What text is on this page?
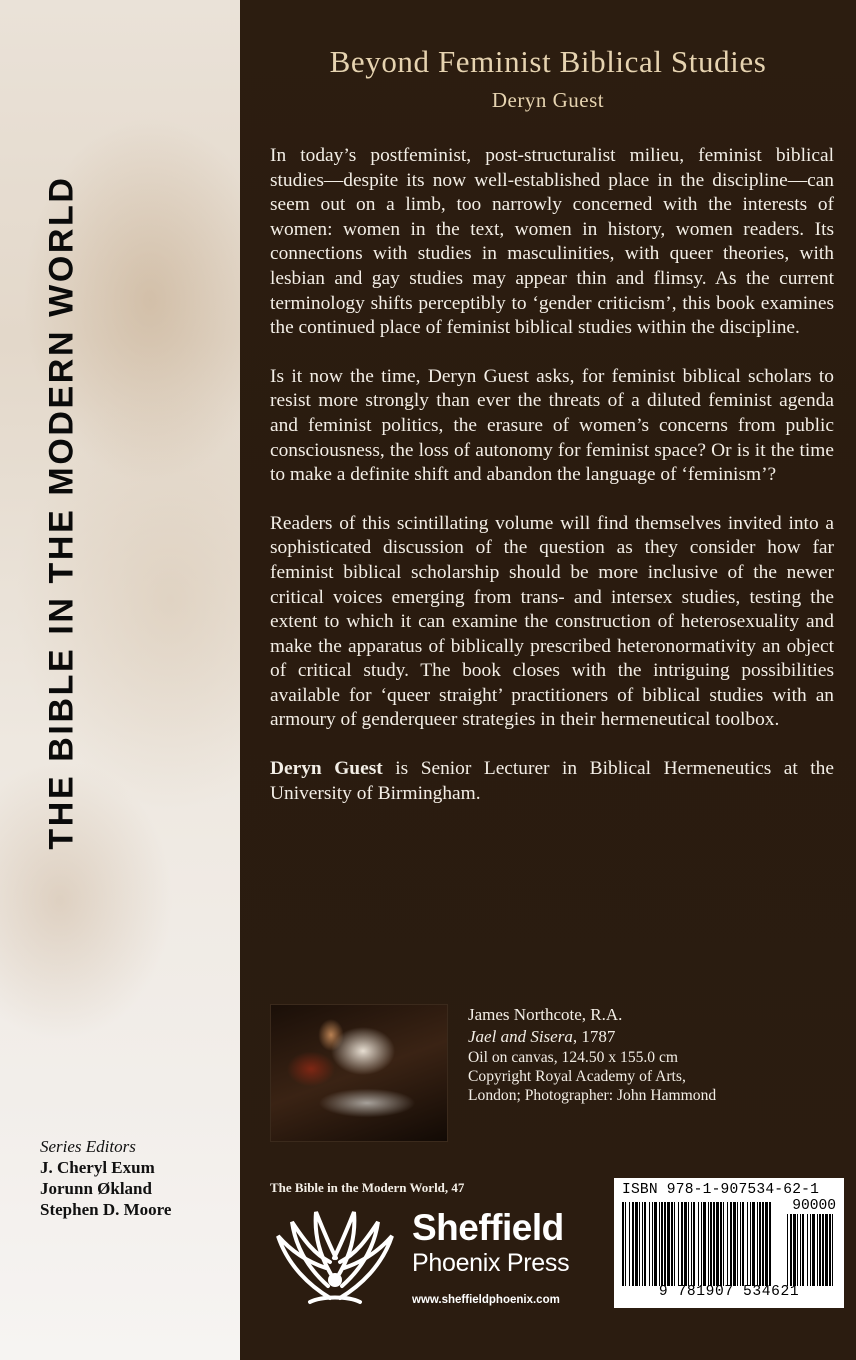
THE BIBLE IN THE MODERN WORLD
Series Editors
J. Cheryl Exum
Jorunn Økland
Stephen D. Moore
Beyond Feminist Biblical Studies
Deryn Guest

In today’s postfeminist, post-structuralist milieu, feminist biblical studies—despite its now well-established place in the discipline—can seem out on a limb, too narrowly concerned with the interests of women: women in the text, women in history, women readers. Its connections with studies in masculinities, with queer theories, with lesbian and gay studies may appear thin and flimsy. As the current terminology shifts perceptibly to ‘gender criticism’, this book examines the continued place of feminist biblical studies within the discipline.

Is it now the time, Deryn Guest asks, for feminist biblical scholars to resist more strongly than ever the threats of a diluted feminist agenda and feminist politics, the erasure of women’s concerns from public consciousness, the loss of autonomy for feminist space? Or is it the time to make a definite shift and abandon the language of ‘feminism’?

Readers of this scintillating volume will find themselves invited into a sophisticated discussion of the question as they consider how far feminist biblical scholarship should be more inclusive of the newer critical voices emerging from trans- and intersex studies, testing the extent to which it can examine the construction of heterosexuality and make the apparatus of biblically prescribed heteronormativity an object of critical study. The book closes with the intriguing possibilities available for ‘queer straight’ practitioners of biblical studies with an armoury of genderqueer strategies in their hermeneutical toolbox.

Deryn Guest is Senior Lecturer in Biblical Hermeneutics at the University of Birmingham.

James Northcote, R.A.
Jael and Sisera, 1787
Oil on canvas, 124.50 x 155.0 cm
Copyright Royal Academy of Arts,
London; Photographer: John Hammond
The Bible in the Modern World, 47
Sheffield
Phoenix Press
www.sheffieldphoenix.com
ISBN 978-1-907534-62-1
90000
9 781907 534621
